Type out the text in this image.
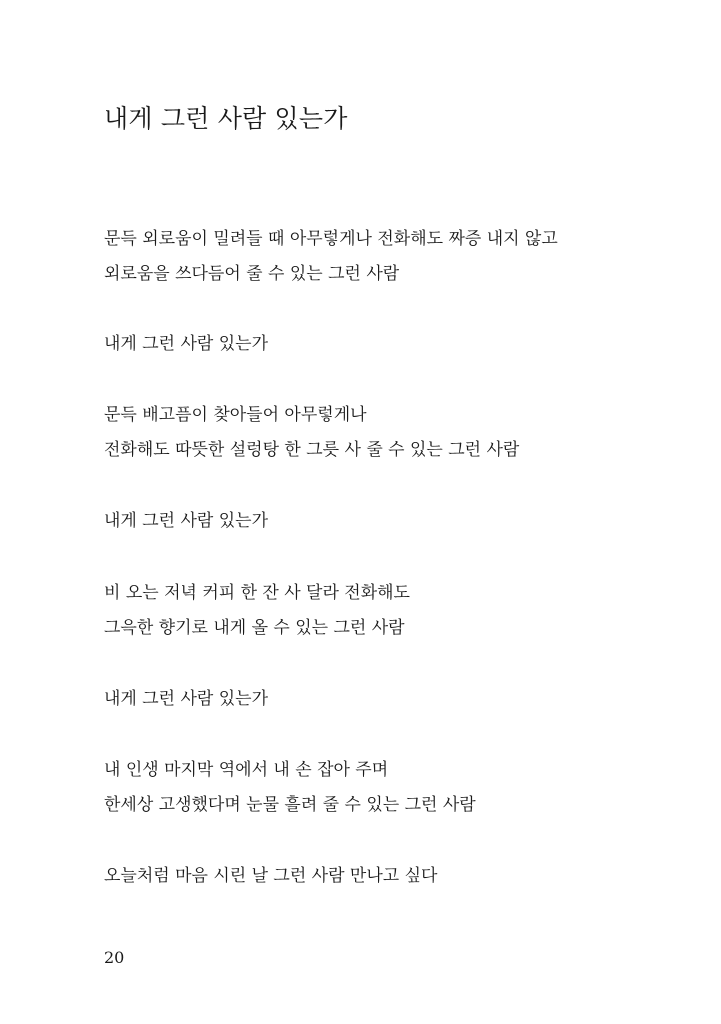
내게 그런 사람 있는가

문득 외로움이 밀려들 때 아무렇게나 전화해도 짜증 내지 않고

외로움을 쓰다듬어 줄 수 있는 그런 사람

내게 그런 사람 있는가

문득 배고픔이 찾아들어 아무렇게나

전화해도 따뜻한 설렁탕 한 그릇 사 줄 수 있는 그런 사람

내게 그런 사람 있는가

비 오는 저녁 커피 한 잔 사 달라 전화해도

그윽한 향기로 내게 올 수 있는 그런 사람

내게 그런 사람 있는가

내 인생 마지막 역에서 내 손 잡아 주며

한세상 고생했다며 눈물 흘려 줄 수 있는 그런 사람

오늘처럼 마음 시린 날 그런 사람 만나고 싶다

20
